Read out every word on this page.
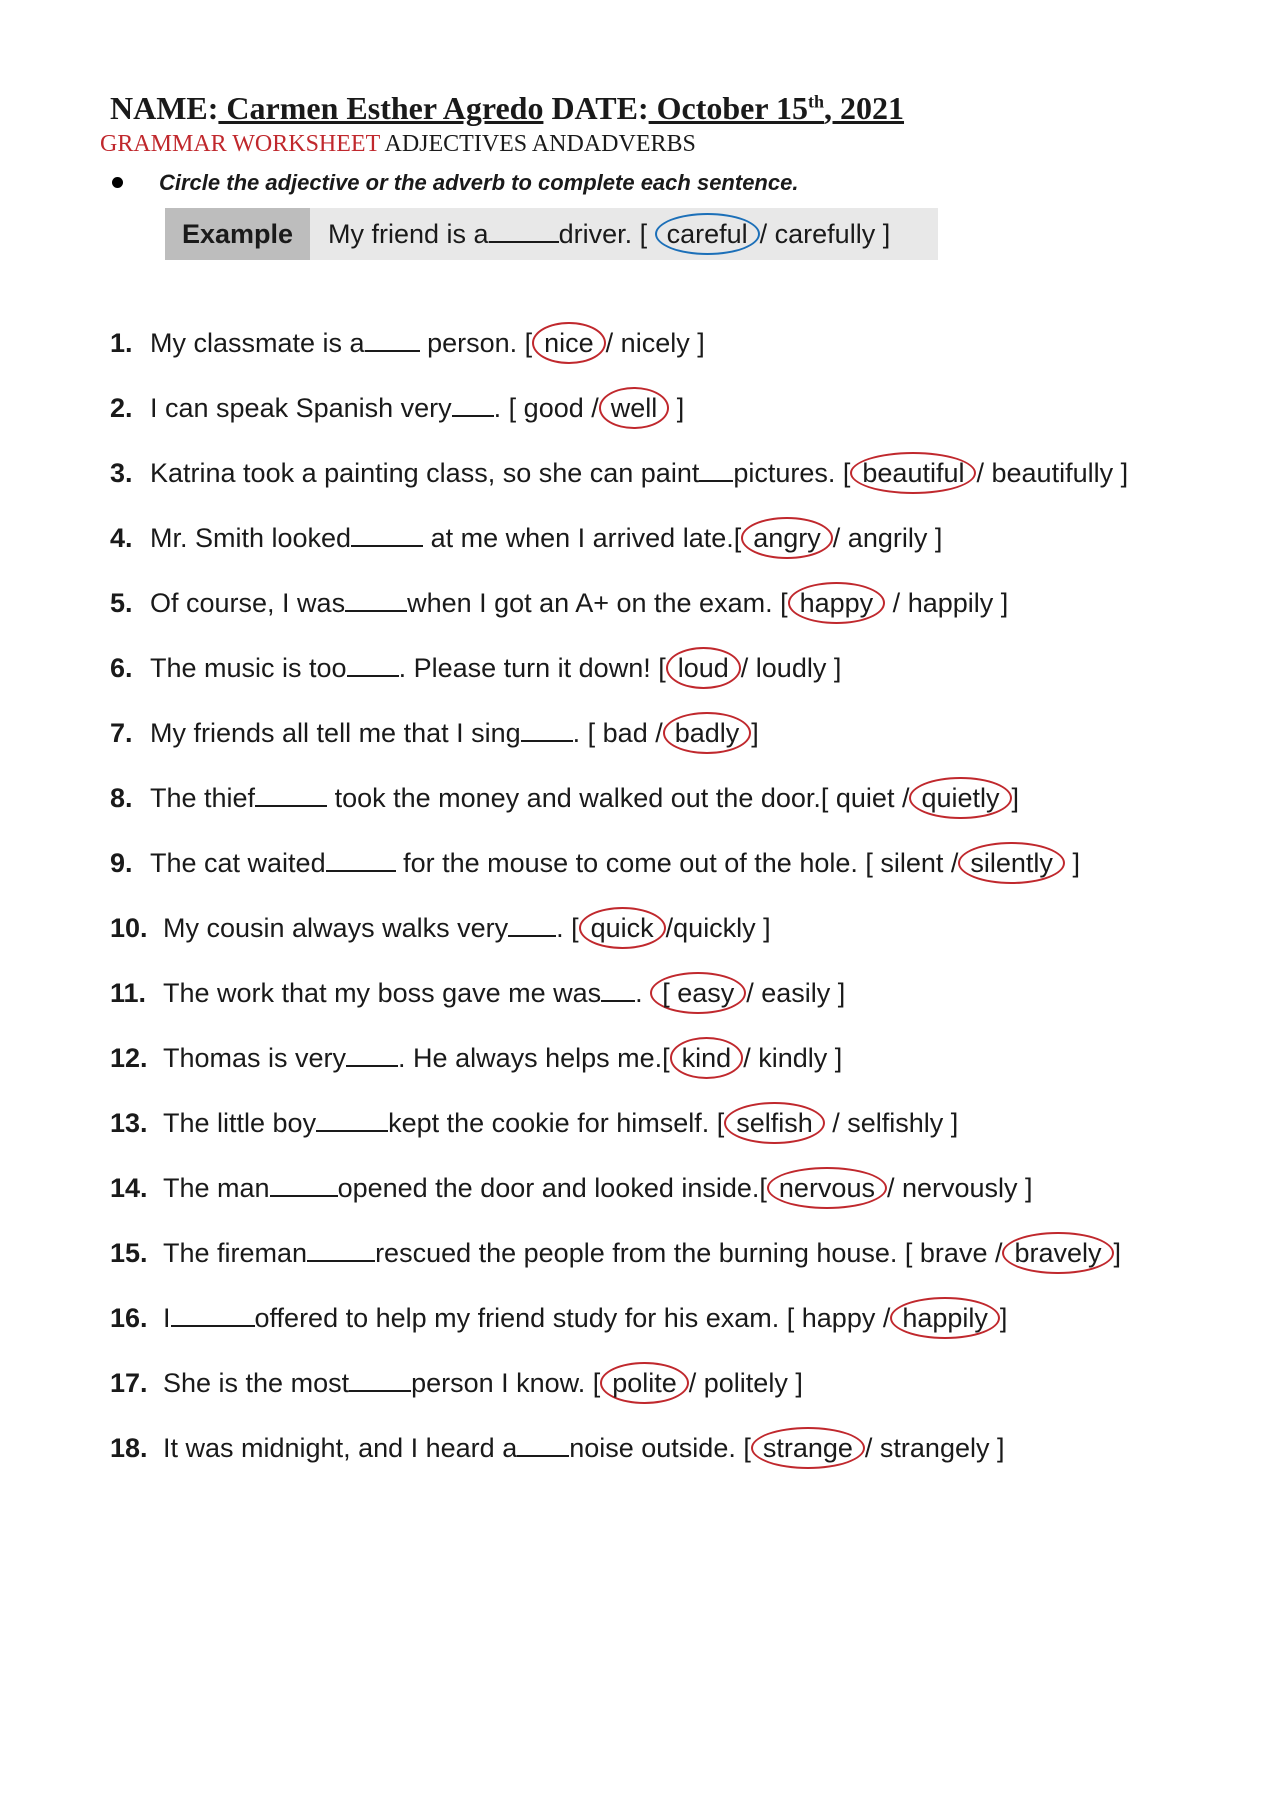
NAME: Carmen Esther Agredo DATE: October 15th, 2021
GRAMMAR WORKSHEET ADJECTIVES ANDADVERBS
Circle the adjective or the adverb to complete each sentence.
Example My friend is a	driver. [ careful / carefully ]
1. My classmate is a person. [ nice / nicely ]
2. I can speak Spanish very . [ good / well ]
3. Katrina took a painting class, so she can paint pictures. [ beautiful / beautifully ]
4. Mr. Smith looked	at me when I arrived late.[ angry / angrily ]
5. Of course, I was when I got an A+ on the exam. [ happy / happily ]
6. The music is too . Please turn it down! [ loud / loudly ]
7. My friends all tell me that I sing . [ bad / badly ]
8. The thief	took the money and walked out the door.[ quiet / quietly ]
9. The cat waited	for the mouse to come out of the hole. [ silent / silently ]
10. My cousin always walks very . [ quick /quickly ]
11. The work that my boss gave me was . [ easy / easily ]
12. Thomas is very . He always helps me.[ kind / kindly ]
13. The little boy	kept the cookie for himself. [ selfish / selfishly ]
14. The man	opened the door and looked inside.[ nervous / nervously ]
15. The fireman	rescued the people from the burning house. [ brave / bravely ]
16. I	offered to help my friend study for his exam. [ happy / happily ]
17. She is the most person I know. [ polite / politely ]
18. It was midnight, and I heard a noise outside. [ strange / strangely ]
